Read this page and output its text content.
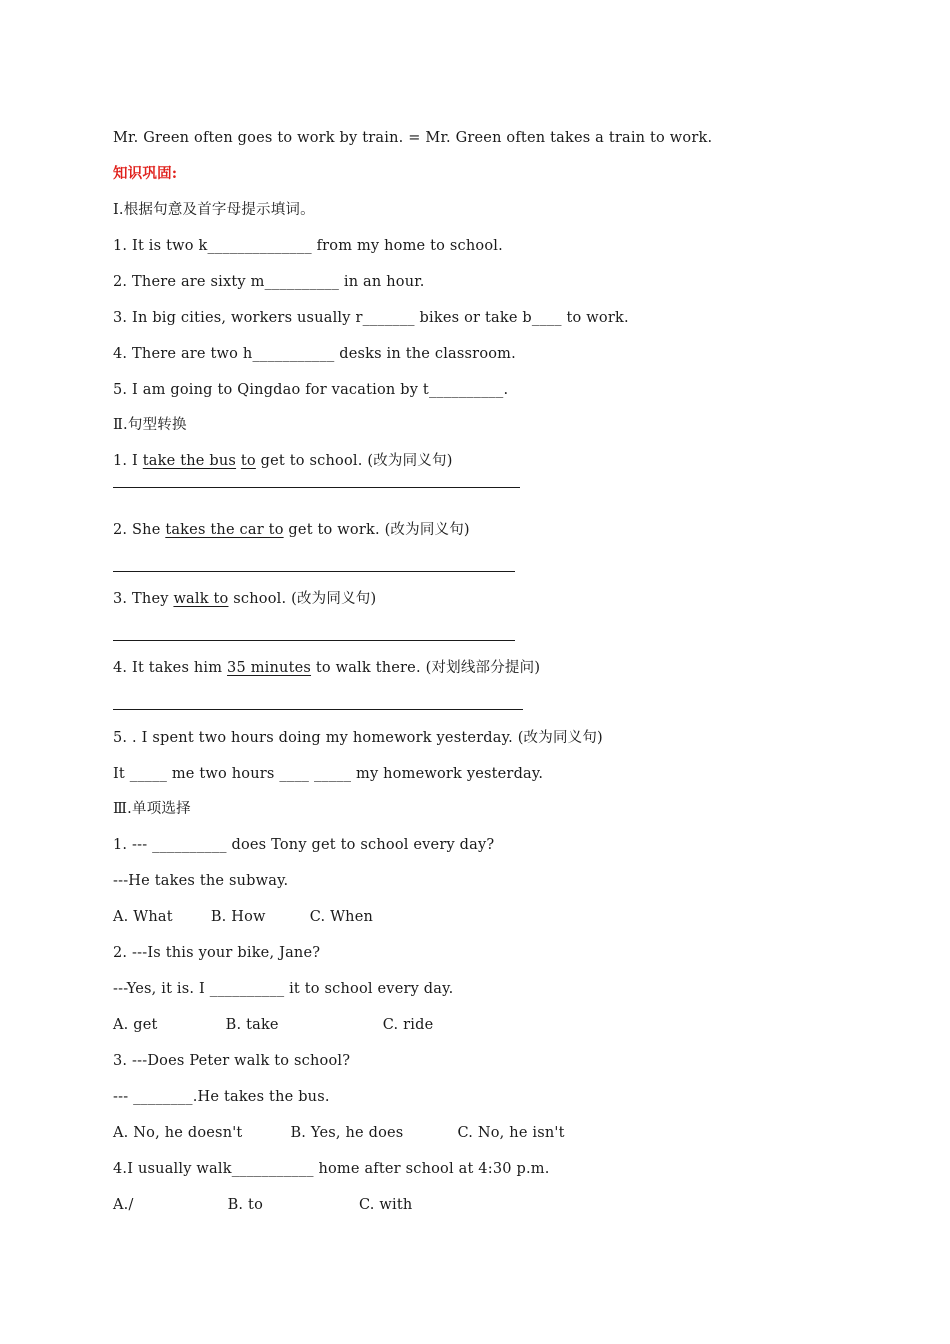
Mr. Green often goes to work by train. = Mr. Green often takes a train to work.
知识巩固:
Ⅰ.根据句意及首字母提示填词。
1. It is two k______________ from my home to school.
2. There are sixty m__________ in an hour.
3. In big cities, workers usually r_______ bikes or take b____ to work.
4. There are two h___________ desks in the classroom.
5. I am going to Qingdao for vacation by t__________.
Ⅱ.句型转换
1. I take the bus to get to school. (改为同义句)
2. She takes the car to get to work. (改为同义句)
3. They walk to school. (改为同义句)
4. It takes him 35 minutes to walk there. (对划线部分提问)
5. . I spent two hours doing my homework yesterday. (改为同义句)
It _____ me two hours ____ _____ my homework yesterday.
Ⅲ.单项选择
1. --- __________ does Tony get to school every day?
---He takes the subway.
A. What	B. How	C. When
2. ---Is this your bike, Jane?
---Yes, it is. I __________ it to school every day.
A. get	B. take	C. ride
3. ---Does Peter walk to school?
--- ________.He takes the bus.
A. No, he doesn't	B. Yes, he does	C. No, he isn't
4.I usually walk___________ home after school at 4:30 p.m.
A./	B. to	C. with
